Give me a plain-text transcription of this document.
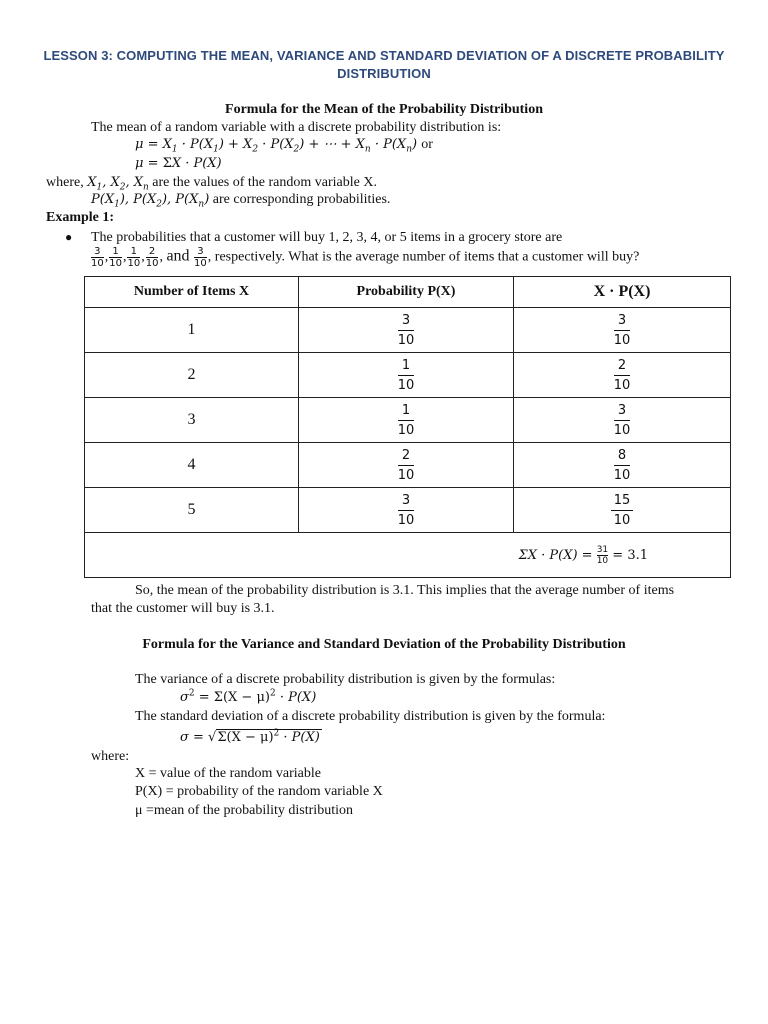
LESSON 3: COMPUTING THE MEAN, VARIANCE AND STANDARD DEVIATION OF A DISCRETE PROBABILITY DISTRIBUTION
Formula for the Mean of the Probability Distribution
The mean of a random variable with a discrete probability distribution is:
$\mu = X_1 \cdot P(X_1) + X_2 \cdot P(X_2)$ + ⋯ + $X_n \cdot P(X_n)$ or
μ = ΣX · P(X)
where, $X_1$, $X_2$, $X_n$ are the values of the random variable X.
$P(X_1)$, $P(X_2)$, $P(X_n)$ are corresponding probabilities.
Example 1:
● The probabilities that a customer will buy 1, 2, 3, 4, or 5 items in a grocery store are
$\frac{3}{10}$ , $\frac{1}{10}$ , $\frac{1}{10}$ , $\frac{2}{10}$ , and $\frac{3}{10}$ , respectively. What is the average number of items that a customer will buy?
Number of Items X	Probability P(X)	X · P(X)
1	$\frac{3}{10}$	$\frac{3}{10}$

2	$\frac{1}{10}$	$\frac{2}{10}$

3	$\frac{1}{10}$	$\frac{3}{10}$

4	$\frac{2}{10}$	$\frac{8}{10}$

5	$\frac{3}{10}$	$\frac{15}{10}$

$\Sigma X \cdot P(X) = \frac{31}{10} = 3.1$		
So, the mean of the probability distribution is 3.1. This implies that the average number of items
that the customer will buy is 3.1.
Formula for the Variance and Standard Deviation of the Probability Distribution
The variance of a discrete probability distribution is given by the formulas:
$\sigma^2 = \Sigma(X - \mu)^2 \cdot P(X)$
The standard deviation of a discrete probability distribution is given by the formula:
$\sigma = √\Sigma(X - \mu)^2 \cdot P(X)$
where:
X = value of the random variable
P(X) = probability of the random variable X
μ =mean of the probability distribution
